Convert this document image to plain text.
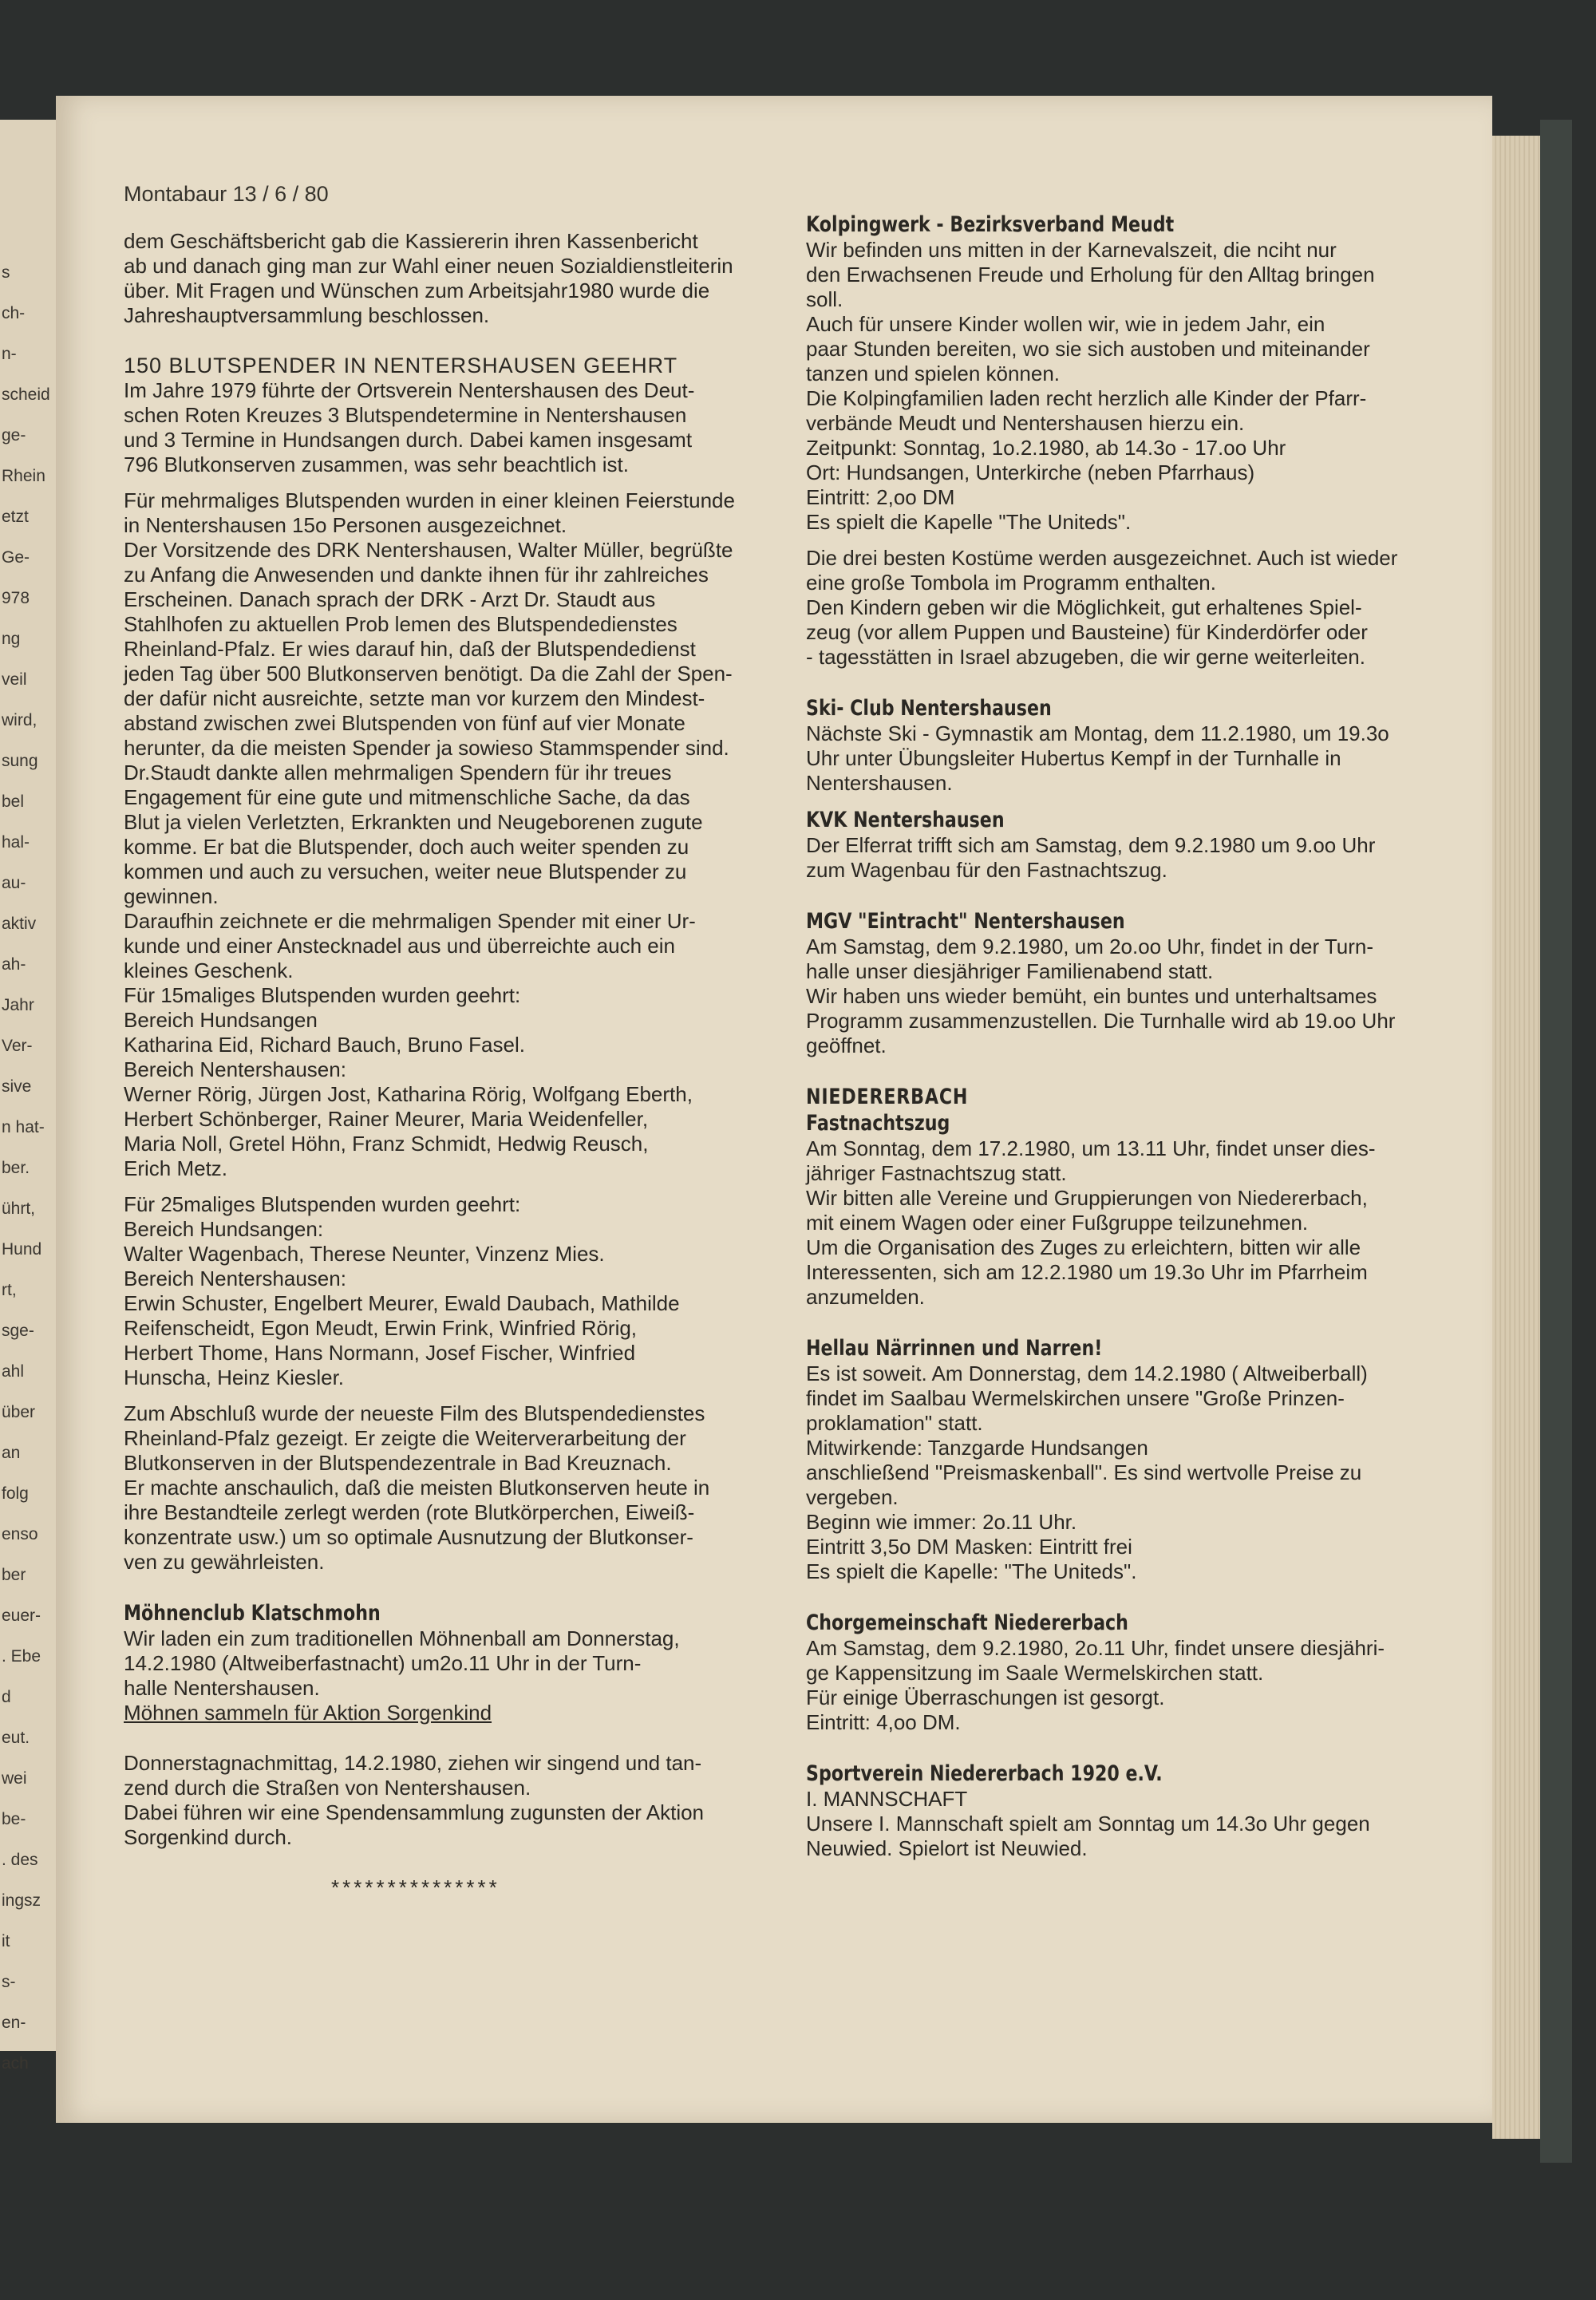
s
ch-
n-
scheid
ge-
Rhein
etzt
Ge-
978
ng
veil
wird,
sung
bel
hal-
au-
aktiv
ah-
Jahr
Ver-
sive
n hat-
ber.
ührt,
Hund
rt,
sge-
ahl
über
an
folg
enso
ber
euer-
. Ebe
d
eut.
wei
be-
. des
ingsz
it
s-
en-
ach

Montabaur 13 / 6 / 80

dem Geschäftsbericht gab die Kassiererin ihren Kassenbericht
ab und danach ging man zur Wahl einer neuen Sozialdienstleiterin
über. Mit Fragen und Wünschen zum Arbeitsjahr1980 wurde die
Jahreshauptversammlung beschlossen.

150 BLUTSPENDER IN NENTERSHAUSEN GEEHRT

Im Jahre 1979 führte der Ortsverein Nentershausen des Deut-
schen Roten Kreuzes 3 Blutspendetermine in Nentershausen
und 3 Termine in Hundsangen durch. Dabei kamen insgesamt
796 Blutkonserven zusammen, was sehr beachtlich ist.

Für mehrmaliges Blutspenden wurden in einer kleinen Feierstunde
in Nentershausen 15o Personen ausgezeichnet.

Der Vorsitzende des DRK Nentershausen, Walter Müller, begrüßte
zu Anfang die Anwesenden und dankte ihnen für ihr zahlreiches
Erscheinen. Danach sprach der DRK - Arzt Dr. Staudt aus
Stahlhofen zu aktuellen Prob lemen des Blutspendedienstes
Rheinland-Pfalz. Er wies darauf hin, daß der Blutspendedienst
jeden Tag über 500 Blutkonserven benötigt. Da die Zahl der Spen-
der dafür nicht ausreichte, setzte man vor kurzem den Mindest-
abstand zwischen zwei Blutspenden von fünf auf vier Monate
herunter, da die meisten Spender ja sowieso Stammspender sind.
Dr.Staudt dankte allen mehrmaligen Spendern für ihr treues
Engagement für eine gute und mitmenschliche Sache, da das
Blut ja vielen Verletzten, Erkrankten und Neugeborenen zugute
komme. Er bat die Blutspender, doch auch weiter spenden zu
kommen und auch zu versuchen, weiter neue Blutspender zu
gewinnen.

Daraufhin zeichnete er die mehrmaligen Spender mit einer Ur-
kunde und einer Anstecknadel aus und überreichte auch ein
kleines Geschenk.

Für 15maliges Blutspenden wurden geehrt:
Bereich Hundsangen
Katharina Eid, Richard Bauch, Bruno Fasel.
Bereich Nentershausen:
Werner Rörig, Jürgen Jost, Katharina Rörig, Wolfgang Eberth,
Herbert Schönberger, Rainer Meurer, Maria Weidenfeller,
Maria Noll, Gretel Höhn, Franz Schmidt, Hedwig Reusch,
Erich Metz.

Für 25maliges Blutspenden wurden geehrt:
Bereich Hundsangen:
Walter Wagenbach, Therese Neunter, Vinzenz Mies.
Bereich Nentershausen:
Erwin Schuster, Engelbert Meurer, Ewald Daubach, Mathilde
Reifenscheidt, Egon Meudt, Erwin Frink, Winfried Rörig,
Herbert Thome, Hans Normann, Josef Fischer, Winfried
Hunscha, Heinz Kiesler.

Zum Abschluß wurde der neueste Film des Blutspendedienstes
Rheinland-Pfalz gezeigt. Er zeigte die Weiterverarbeitung der
Blutkonserven in der Blutspendezentrale in Bad Kreuznach.
Er machte anschaulich, daß die meisten Blutkonserven heute in
ihre Bestandteile zerlegt werden (rote Blutkörperchen, Eiweiß-
konzentrate usw.) um so optimale Ausnutzung der Blutkonser-
ven zu gewährleisten.

Möhnenclub Klatschmohn

Wir laden ein zum traditionellen Möhnenball am Donnerstag,
14.2.1980 (Altweiberfastnacht) um2o.11 Uhr in der Turn-
halle Nentershausen.

Möhnen sammeln für Aktion Sorgenkind

Donnerstagnachmittag, 14.2.1980, ziehen wir singend und tan-
zend durch die Straßen von Nentershausen.
Dabei führen wir eine Spendensammlung zugunsten der Aktion
Sorgenkind durch.

***************

Kolpingwerk - Bezirksverband Meudt

Wir befinden uns mitten in der Karnevalszeit, die nciht nur
den Erwachsenen Freude und Erholung für den Alltag bringen
soll.
Auch für unsere Kinder wollen wir, wie in jedem Jahr, ein
paar Stunden bereiten, wo sie sich austoben und miteinander
tanzen und spielen können.
Die Kolpingfamilien laden recht herzlich alle Kinder der Pfarr-
verbände Meudt und Nentershausen hierzu ein.
Zeitpunkt: Sonntag, 1o.2.1980, ab 14.3o - 17.oo Uhr
Ort: Hundsangen, Unterkirche (neben Pfarrhaus)
Eintritt: 2,oo DM
Es spielt die Kapelle "The Uniteds".

Die drei besten Kostüme werden ausgezeichnet. Auch ist wieder
eine große Tombola im Programm enthalten.
Den Kindern geben wir die Möglichkeit, gut erhaltenes Spiel-
zeug (vor allem Puppen und Bausteine) für Kinderdörfer oder
- tagesstätten in Israel abzugeben, die wir gerne weiterleiten.

Ski- Club Nentershausen

Nächste Ski - Gymnastik am Montag, dem 11.2.1980, um 19.3o
Uhr unter Übungsleiter Hubertus Kempf in der Turnhalle in
Nentershausen.

KVK Nentershausen

Der Elferrat trifft sich am Samstag, dem 9.2.1980 um 9.oo Uhr
zum Wagenbau für den Fastnachtszug.

MGV "Eintracht" Nentershausen

Am Samstag, dem 9.2.1980, um 2o.oo Uhr, findet in der Turn-
halle unser diesjähriger Familienabend statt.
Wir haben uns wieder bemüht, ein buntes und unterhaltsames
Programm zusammenzustellen. Die Turnhalle wird ab 19.oo Uhr
geöffnet.

NIEDERERBACH
Fastnachtszug

Am Sonntag, dem 17.2.1980, um 13.11 Uhr, findet unser dies-
jähriger Fastnachtszug statt.
Wir bitten alle Vereine und Gruppierungen von Niedererbach,
mit einem Wagen oder einer Fußgruppe teilzunehmen.
Um die Organisation des Zuges zu erleichtern, bitten wir alle
Interessenten, sich am 12.2.1980 um 19.3o Uhr im Pfarrheim
anzumelden.

Hellau Närrinnen und Narren!

Es ist soweit. Am Donnerstag, dem 14.2.1980 ( Altweiberball)
findet im Saalbau Wermelskirchen unsere "Große Prinzen-
proklamation" statt.
Mitwirkende: Tanzgarde Hundsangen
anschließend "Preismaskenball". Es sind wertvolle Preise zu
vergeben.
Beginn wie immer: 2o.11 Uhr.
Eintritt 3,5o DM Masken: Eintritt frei
Es spielt die Kapelle: "The Uniteds".

Chorgemeinschaft Niedererbach

Am Samstag, dem 9.2.1980, 2o.11 Uhr, findet unsere diesjähri-
ge Kappensitzung im Saale Wermelskirchen statt.
Für einige Überraschungen ist gesorgt.
Eintritt: 4,oo DM.

Sportverein Niedererbach 1920 e.V.

I. MANNSCHAFT

Unsere I. Mannschaft spielt am Sonntag um 14.3o Uhr gegen
Neuwied. Spielort ist Neuwied.
